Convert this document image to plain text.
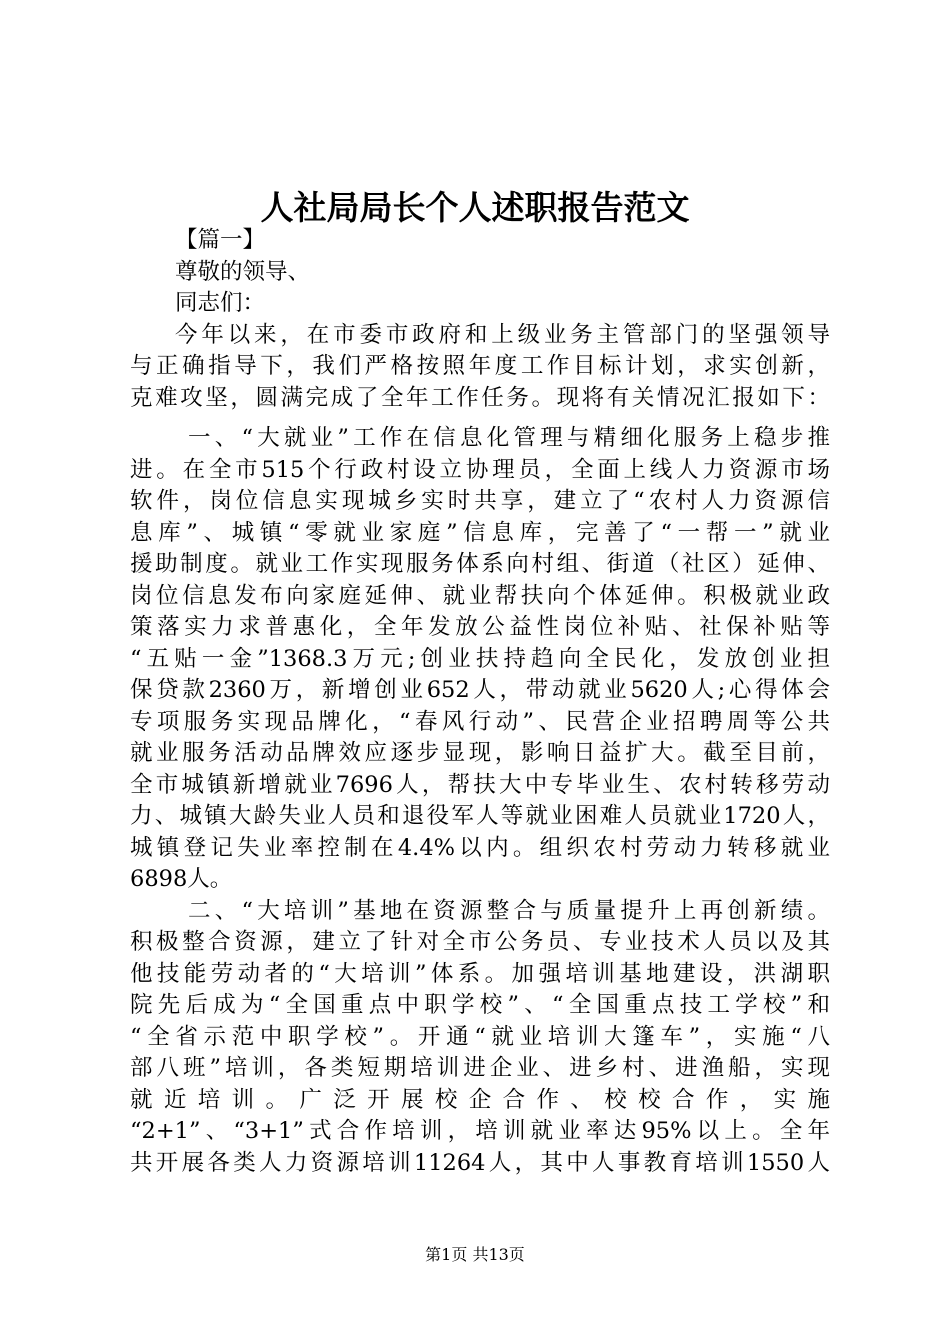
人社局局长个人述职报告范文
【篇一】
尊敬的领导、
同志们：
今年以来，在市委市政府和上级业务主管部门的坚强领导
与正确指导下，我们严格按照年度工作目标计划，求实创新，
克难攻坚，圆满完成了全年工作任务。现将有关情况汇报如下：
一、“大就业”工作在信息化管理与精细化服务上稳步推
进。在全市515个行政村设立协理员，全面上线人力资源市场
软件，岗位信息实现城乡实时共享，建立了“农村人力资源信
息库”、城镇“零就业家庭”信息库，完善了“一帮一”就业
援助制度。就业工作实现服务体系向村组、街道（社区）延伸、
岗位信息发布向家庭延伸、就业帮扶向个体延伸。积极就业政
策落实力求普惠化，全年发放公益性岗位补贴、社保补贴等
“五贴一金”1368.3万元;创业扶持趋向全民化，发放创业担
保贷款2360万，新增创业652人，带动就业5620人;心得体会
专项服务实现品牌化，“春风行动”、民营企业招聘周等公共
就业服务活动品牌效应逐步显现，影响日益扩大。截至目前，
全市城镇新增就业7696人，帮扶大中专毕业生、农村转移劳动
力、城镇大龄失业人员和退役军人等就业困难人员就业1720人，
城镇登记失业率控制在4.4%以内。组织农村劳动力转移就业
6898人。
二、“大培训”基地在资源整合与质量提升上再创新绩。
积极整合资源，建立了针对全市公务员、专业技术人员以及其
他技能劳动者的“大培训”体系。加强培训基地建设，洪湖职
院先后成为“全国重点中职学校”、“全国重点技工学校”和
“全省示范中职学校”。开通“就业培训大篷车”，实施“八
部八班”培训，各类短期培训进企业、进乡村、进渔船，实现
就近培训。广泛开展校企合作、校校合作，实施
“2+1”、“3+1”式合作培训，培训就业率达95%以上。全年
共开展各类人力资源培训11264人，其中人事教育培训1550人
第1页 共13页
